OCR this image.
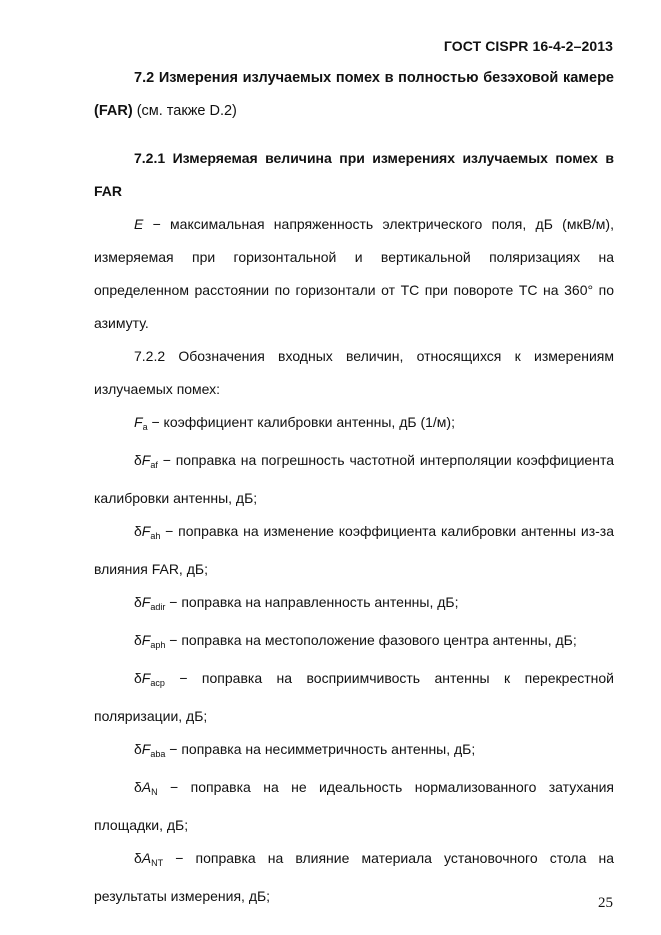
ГОСТ CISPR 16-4-2–2013

7.2 Измерения излучаемых помех в полностью безэховой камере (FAR) (см. также D.2)

7.2.1 Измеряемая величина при измерениях излучаемых помех в FAR

E − максимальная напряженность электрического поля, дБ (мкВ/м), измеряемая при горизонтальной и вертикальной поляризациях на определенном расстоянии по горизонтали от ТС при повороте ТС на 360° по азимуту.

7.2.2 Обозначения входных величин, относящихся к измерениям излучаемых помех:

$F_a$ − коэффициент калибровки антенны, дБ (1/м);

$\delta F_{af}$ − поправка на погрешность частотной интерполяции коэффициента калибровки антенны, дБ;

$\delta F_{ah}$ − поправка на изменение коэффициента калибровки антенны из-за влияния FAR, дБ;

$\delta F_{adir}$ − поправка на направленность антенны, дБ;

$\delta F_{aph}$ − поправка на местоположение фазового центра антенны, дБ;

$\delta F_{acp}$ − поправка на восприимчивость антенны к перекрестной поляризации, дБ;

$\delta F_{aba}$ − поправка на несимметричность антенны, дБ;

$\delta A_N$ − поправка на не идеальность нормализованного затухания площадки, дБ;

$\delta A_{NT}$ − поправка на влияние материала установочного стола на результаты измерения, дБ;	25
